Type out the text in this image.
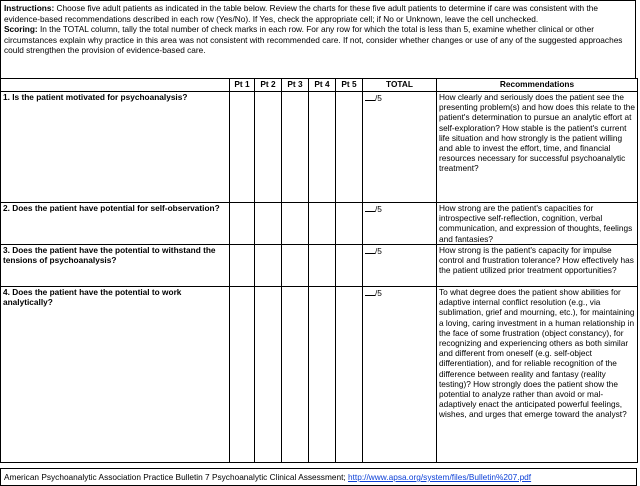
Instructions: Choose five adult patients as indicated in the table below. Review the charts for these five adult patients to determine if care was consistent with the evidence-based recommendations described in each row (Yes/No). If Yes, check the appropriate cell; if No or Unknown, leave the cell unchecked.
Scoring: In the TOTAL column, tally the total number of check marks in each row. For any row for which the total is less than 5, examine whether clinical or other circumstances explain why practice in this area was not consistent with recommended care. If not, consider whether changes or use of any of the suggested approaches could strengthen the provision of evidence-based care.
	Pt 1	Pt 2	Pt 3	Pt 4	Pt 5	TOTAL	Recommendations
1. Is the patient motivated for psychoanalysis?						/5	How clearly and seriously does the patient see the presenting problem(s) and how does this relate to the patient's determination to pursue an analytic effort at self-exploration? How stable is the patient's current life situation and how strongly is the patient willing and able to invest the effort, time, and financial resources necessary for successful psychoanalytic treatment?
2. Does the patient have potential for self-observation?						/5	How strong are the patient's capacities for introspective self-reflection, cognition, verbal communication, and expression of thoughts, feelings and fantasies?
3. Does the patient have the potential to withstand the tensions of psychoanalysis?						/5	How strong is the patient's capacity for impulse control and frustration tolerance? How effectively has the patient utilized prior treatment opportunities?
4. Does the patient have the potential to work analytically?						/5	To what degree does the patient show abilities for adaptive internal conflict resolution (e.g., via sublimation, grief and mourning, etc.), for maintaining a loving, caring investment in a human relationship in the face of some frustration (object constancy), for recognizing and experiencing others as both similar and different from oneself (e.g. self-object differentiation), and for reliable recognition of the difference between reality and fantasy (reality testing)? How strongly does the patient show the potential to analyze rather than avoid or mal-adaptively enact the anticipated powerful feelings, wishes, and urges that emerge toward the analyst?
American Psychoanalytic Association Practice Bulletin 7 Psychoanalytic Clinical Assessment; http://www.apsa.org/system/files/Bulletin%207.pdf
